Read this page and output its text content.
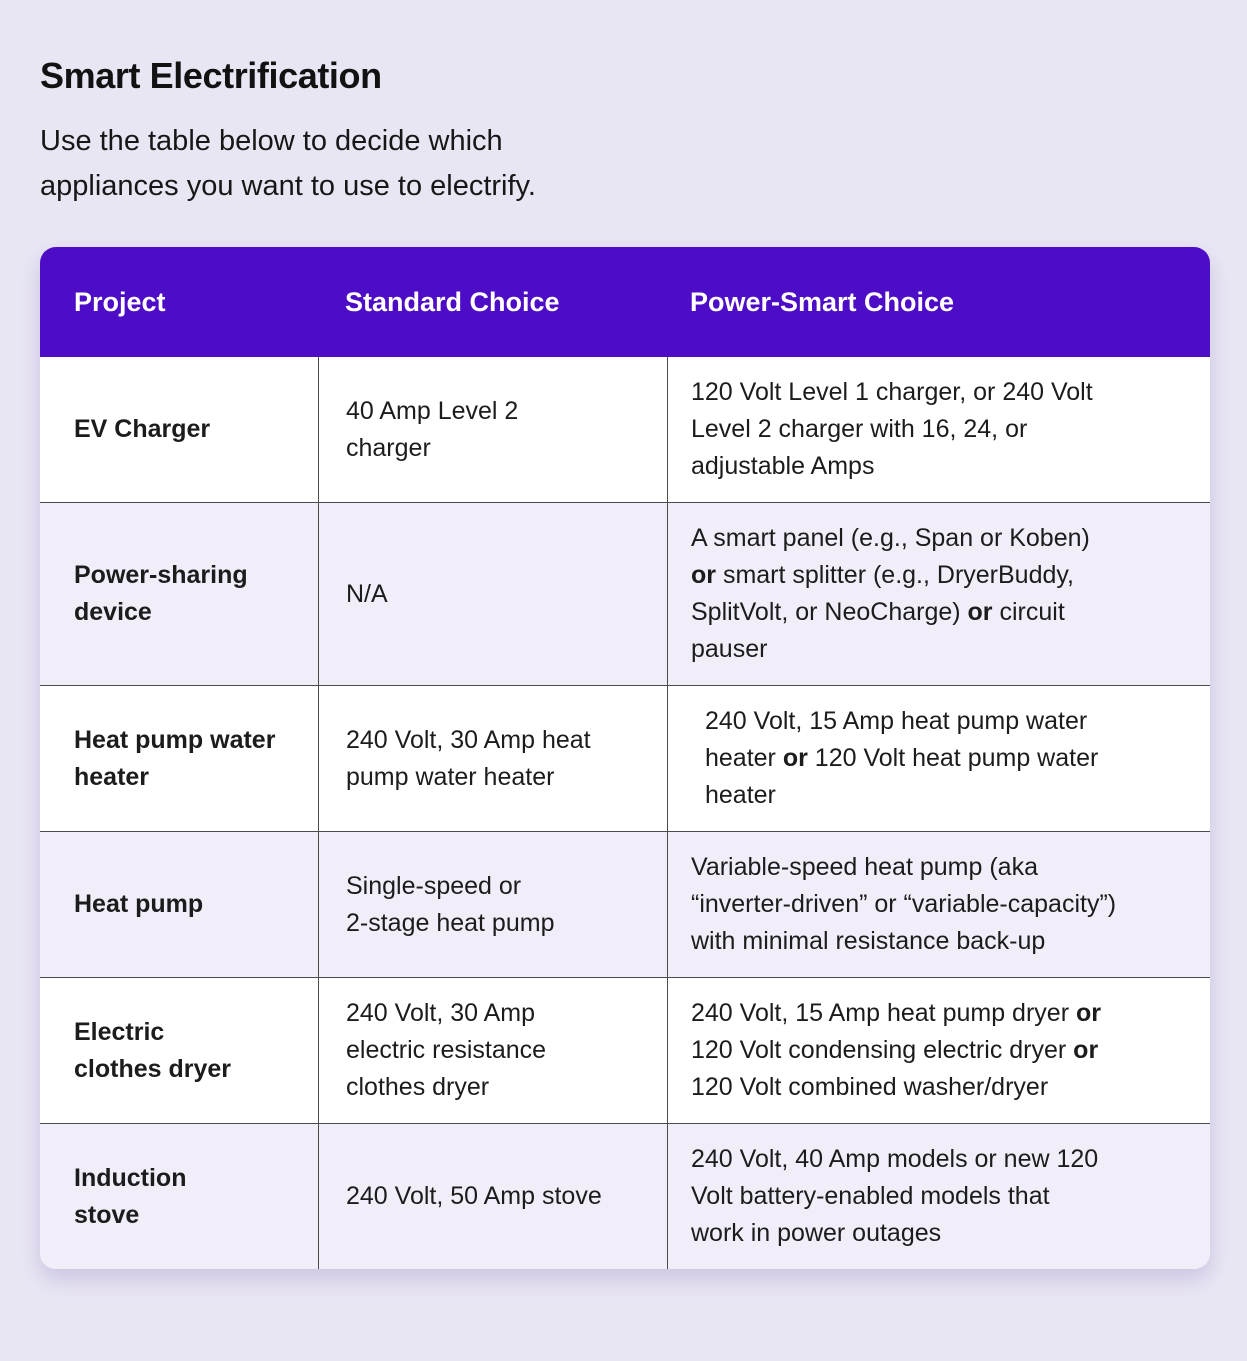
Smart Electrification

Use the table below to decide which
appliances you want to use to electrify.

Project	Standard Choice	Power-Smart Choice
EV Charger
40 Amp Level 2
charger
120 Volt Level 1 charger, or 240 Volt
Level 2 charger with 16, 24, or
adjustable Amps
Power-sharing
device
N/A
A smart panel (e.g., Span or Koben)
or smart splitter (e.g., DryerBuddy,
SplitVolt, or NeoCharge) or circuit
pauser
Heat pump water
heater
240 Volt, 30 Amp heat
pump water heater
240 Volt, 15 Amp heat pump water
heater or 120 Volt heat pump water
heater
Heat pump
Single-speed or
2-stage heat pump
Variable-speed heat pump (aka
“inverter-driven” or “variable-capacity”)
with minimal resistance back-up
Electric
clothes dryer
240 Volt, 30 Amp
electric resistance
clothes dryer
240 Volt, 15 Amp heat pump dryer or
120 Volt condensing electric dryer or
120 Volt combined washer/dryer
Induction
stove
240 Volt, 50 Amp stove
240 Volt, 40 Amp models or new 120
Volt battery-enabled models that
work in power outages
